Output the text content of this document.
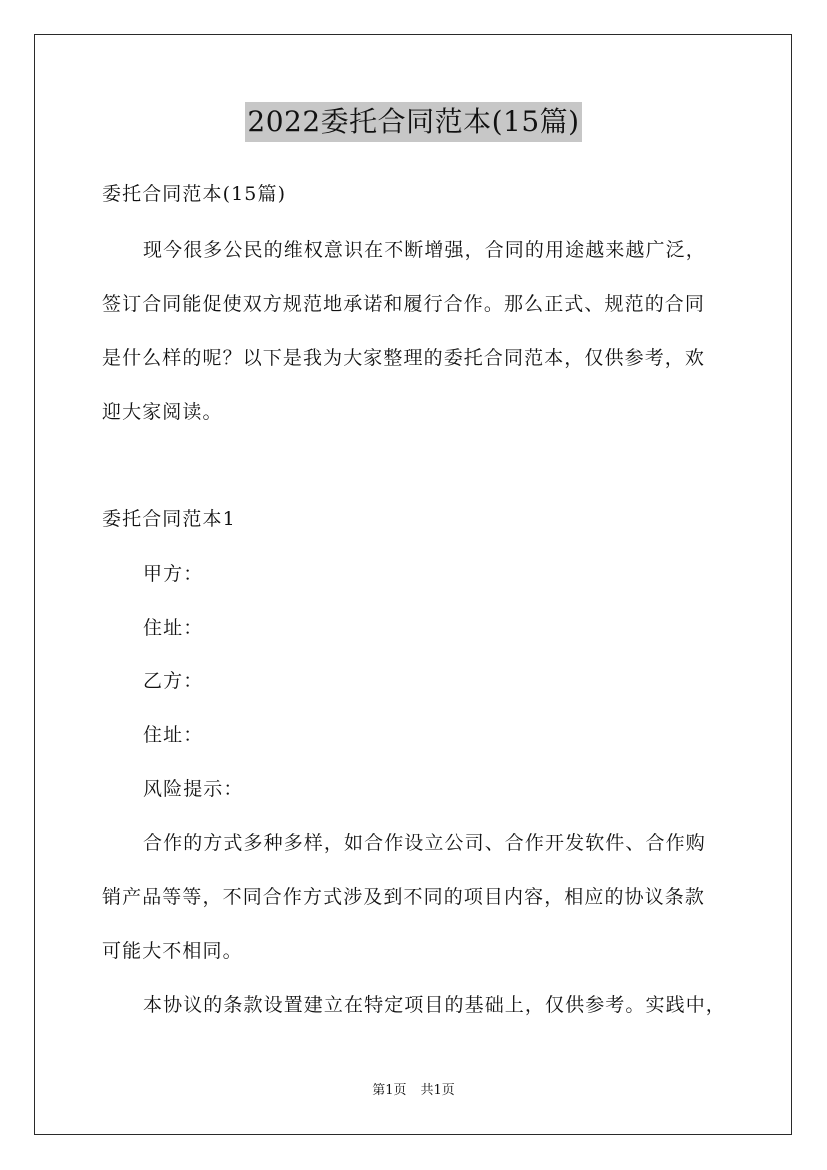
2022委托合同范本(15篇)
委托合同范本(15篇)
现今很多公民的维权意识在不断增强，合同的用途越来越广泛，
签订合同能促使双方规范地承诺和履行合作。那么正式、规范的合同
是什么样的呢？以下是我为大家整理的委托合同范本，仅供参考，欢
迎大家阅读。
委托合同范本1
甲方：
住址：
乙方：
住址：
风险提示：
合作的方式多种多样，如合作设立公司、合作开发软件、合作购
销产品等等，不同合作方式涉及到不同的项目内容，相应的协议条款
可能大不相同。
本协议的条款设置建立在特定项目的基础上，仅供参考。实践中，
第1页 共1页
